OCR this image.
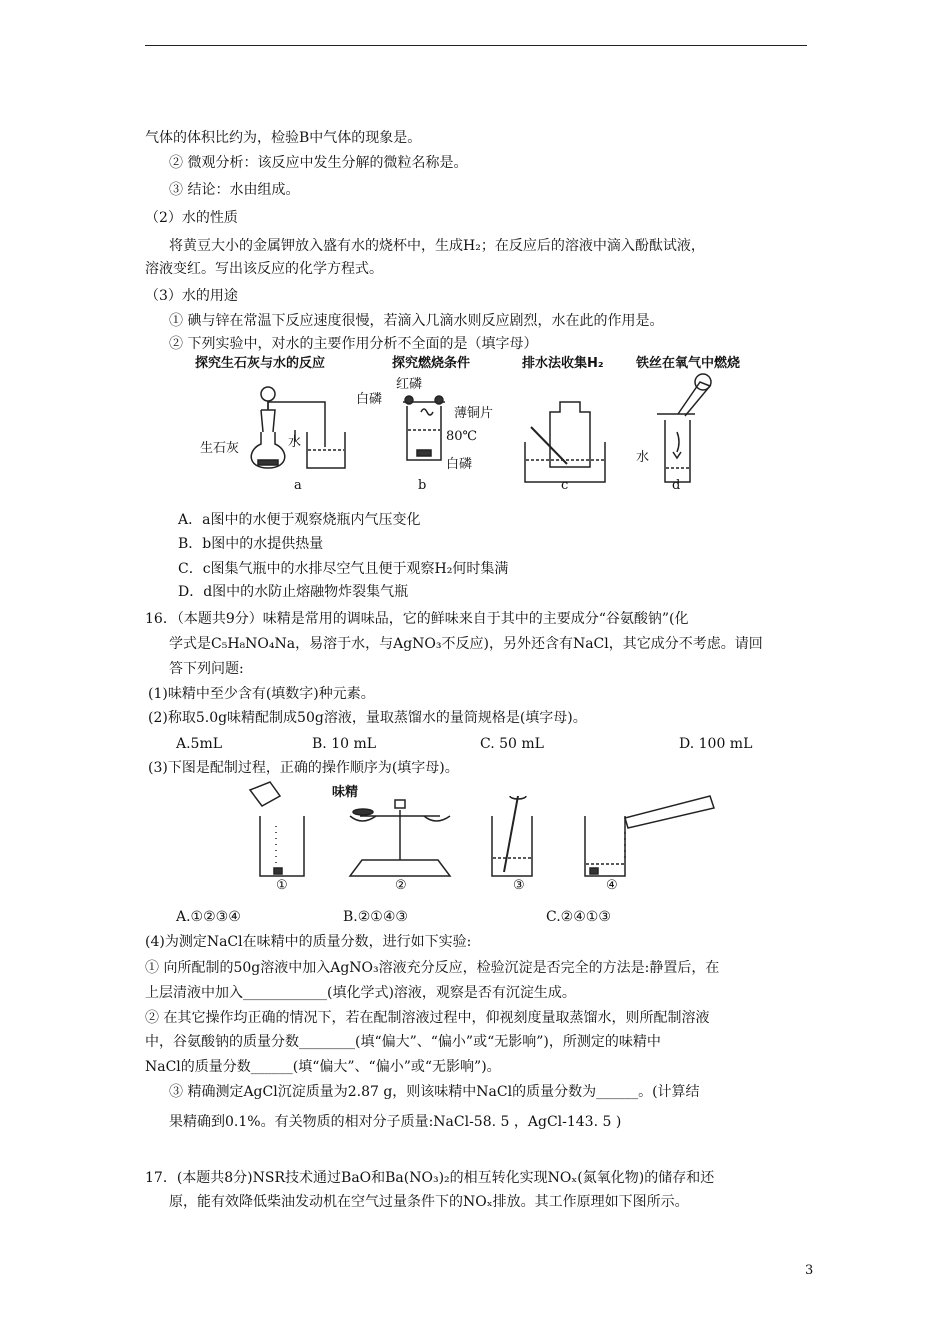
气体的体积比约为，检验B中气体的现象是。
② 微观分析：该反应中发生分解的微粒名称是。
③ 结论：水由组成。
（2）水的性质
将黄豆大小的金属钾放入盛有水的烧杯中，生成H₂；在反应后的溶液中滴入酚酞试液，
溶液变红。写出该反应的化学方程式。
（3）水的用途
① 碘与锌在常温下反应速度很慢，若滴入几滴水则反应剧烈，水在此的作用是。
② 下列实验中，对水的主要作用分析不全面的是（填字母）
探究生石灰与水的反应	探究燃烧条件	排水法收集H₂ 铁丝在氧气中燃烧
生石灰	水
红磷
白磷
薄铜片
80℃
白磷	水
a	b	c	d
A．a图中的水便于观察烧瓶内气压变化
B．b图中的水提供热量
C．c图集气瓶中的水排尽空气且便于观察H₂何时集满
D．d图中的水防止熔融物炸裂集气瓶
16．（本题共9分）味精是常用的调味品，它的鲜味来自于其中的主要成分“谷氨酸钠”(化
学式是C₅H₈NO₄Na，易溶于水，与AgNO₃不反应)，另外还含有NaCl，其它成分不考虑。请回
答下列问题:
(1)味精中至少含有(填数字)种元素。
(2)称取5.0g味精配制成50g溶液，量取蒸馏水的量筒规格是(填字母)。
A.5mL	B. 10 mL	C. 50 mL	D. 100 mL
(3)下图是配制过程，正确的操作顺序为(填字母)。
味精
①	②	③	④
A.①②③④	B.②①④③	C.②④①③
(4)为测定NaCl在味精中的质量分数，进行如下实验:
① 向所配制的50g溶液中加入AgNO₃溶液充分反应，检验沉淀是否完全的方法是:静置后，在
上层清液中加入____________(填化学式)溶液，观察是否有沉淀生成。
② 在其它操作均正确的情况下，若在配制溶液过程中，仰视刻度量取蒸馏水，则所配制溶液
中，谷氨酸钠的质量分数________(填“偏大”、“偏小”或“无影响”)，所测定的味精中
NaCl的质量分数______(填“偏大”、“偏小”或“无影响”)。
③ 精确测定AgCl沉淀质量为2.87 g，则该味精中NaCl的质量分数为______。(计算结
果精确到0.1%。有关物质的相对分子质量:NaCl-58. 5 ，AgCl-143. 5 )
17．(本题共8分)NSR技术通过BaO和Ba(NO₃)₂的相互转化实现NOₓ(氮氧化物)的储存和还
原，能有效降低柴油发动机在空气过量条件下的NOₓ排放。其工作原理如下图所示。
3
